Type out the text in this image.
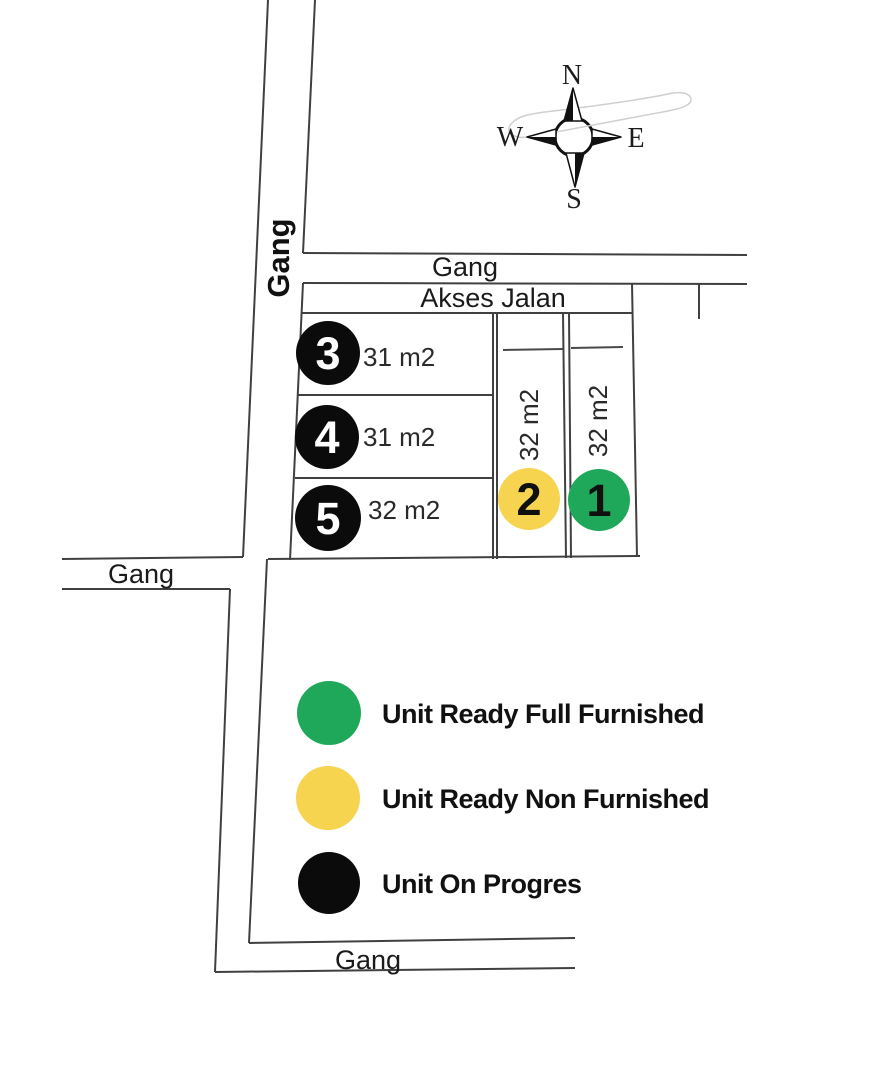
Gang	Gang
Akses Jalan
Gang
Gang
31 m2
31 m2
32 m2
32 m2 32 m2
3
4
5	2 1
N
W	E
S
Unit Ready Full Furnished
Unit Ready Non Furnished
Unit On Progres
